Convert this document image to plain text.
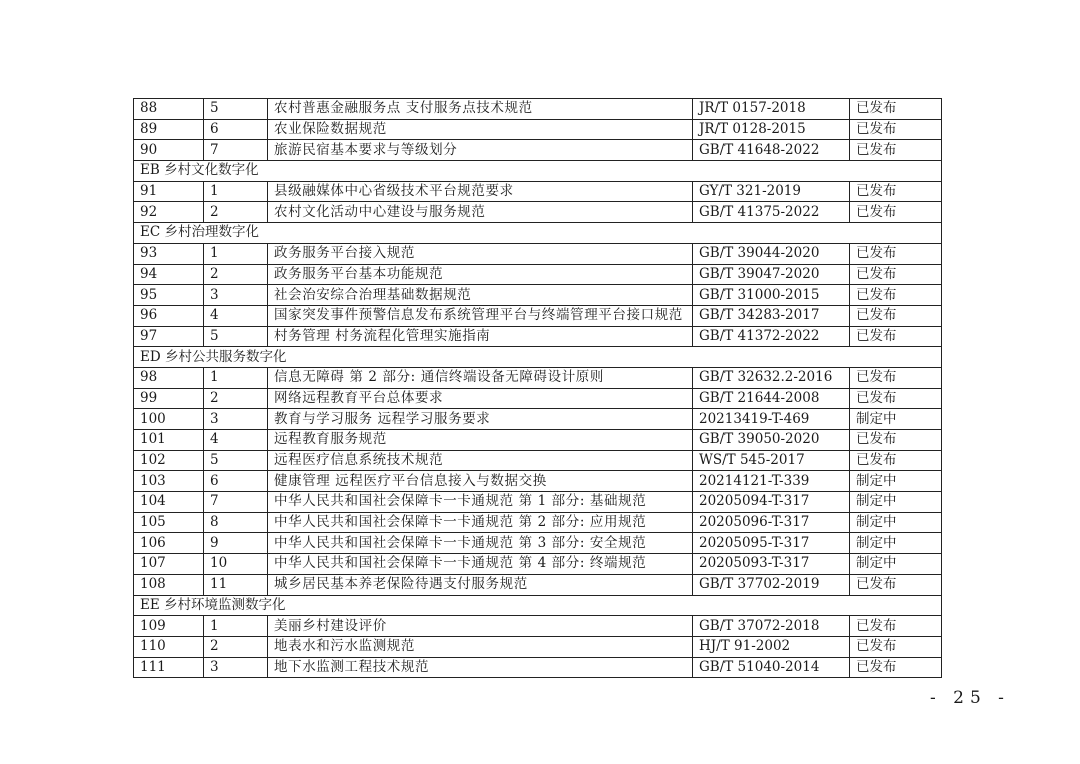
88	5	农村普惠金融服务点 支付服务点技术规范	JR/T 0157-2018	已发布
89	6	农业保险数据规范	JR/T 0128-2015	已发布
90	7	旅游民宿基本要求与等级划分	GB/T 41648-2022	已发布
EB 乡村文化数字化				
91	1	县级融媒体中心省级技术平台规范要求	GY/T 321-2019	已发布
92	2	农村文化活动中心建设与服务规范	GB/T 41375-2022	已发布
EC 乡村治理数字化				
93	1	政务服务平台接入规范	GB/T 39044-2020	已发布
94	2	政务服务平台基本功能规范	GB/T 39047-2020	已发布
95	3	社会治安综合治理基础数据规范	GB/T 31000-2015	已发布
96	4	国家突发事件预警信息发布系统管理平台与终端管理平台接口规范	GB/T 34283-2017	已发布
97	5	村务管理 村务流程化管理实施指南	GB/T 41372-2022	已发布
ED 乡村公共服务数字化				
98	1	信息无障碍 第 2 部分: 通信终端设备无障碍设计原则	GB/T 32632.2-2016	已发布
99	2	网络远程教育平台总体要求	GB/T 21644-2008	已发布
100	3	教育与学习服务 远程学习服务要求	20213419-T-469	制定中
101	4	远程教育服务规范	GB/T 39050-2020	已发布
102	5	远程医疗信息系统技术规范	WS/T 545-2017	已发布
103	6	健康管理 远程医疗平台信息接入与数据交换	20214121-T-339	制定中
104	7	中华人民共和国社会保障卡一卡通规范 第 1 部分: 基础规范	20205094-T-317	制定中
105	8	中华人民共和国社会保障卡一卡通规范 第 2 部分: 应用规范	20205096-T-317	制定中
106	9	中华人民共和国社会保障卡一卡通规范 第 3 部分: 安全规范	20205095-T-317	制定中
107	10	中华人民共和国社会保障卡一卡通规范 第 4 部分: 终端规范	20205093-T-317	制定中
108	11	城乡居民基本养老保险待遇支付服务规范	GB/T 37702-2019	已发布
EE 乡村环境监测数字化				
109	1	美丽乡村建设评价	GB/T 37072-2018	已发布
110	2	地表水和污水监测规范	HJ/T 91-2002	已发布
111	3	地下水监测工程技术规范	GB/T 51040-2014	已发布
- 25 -
